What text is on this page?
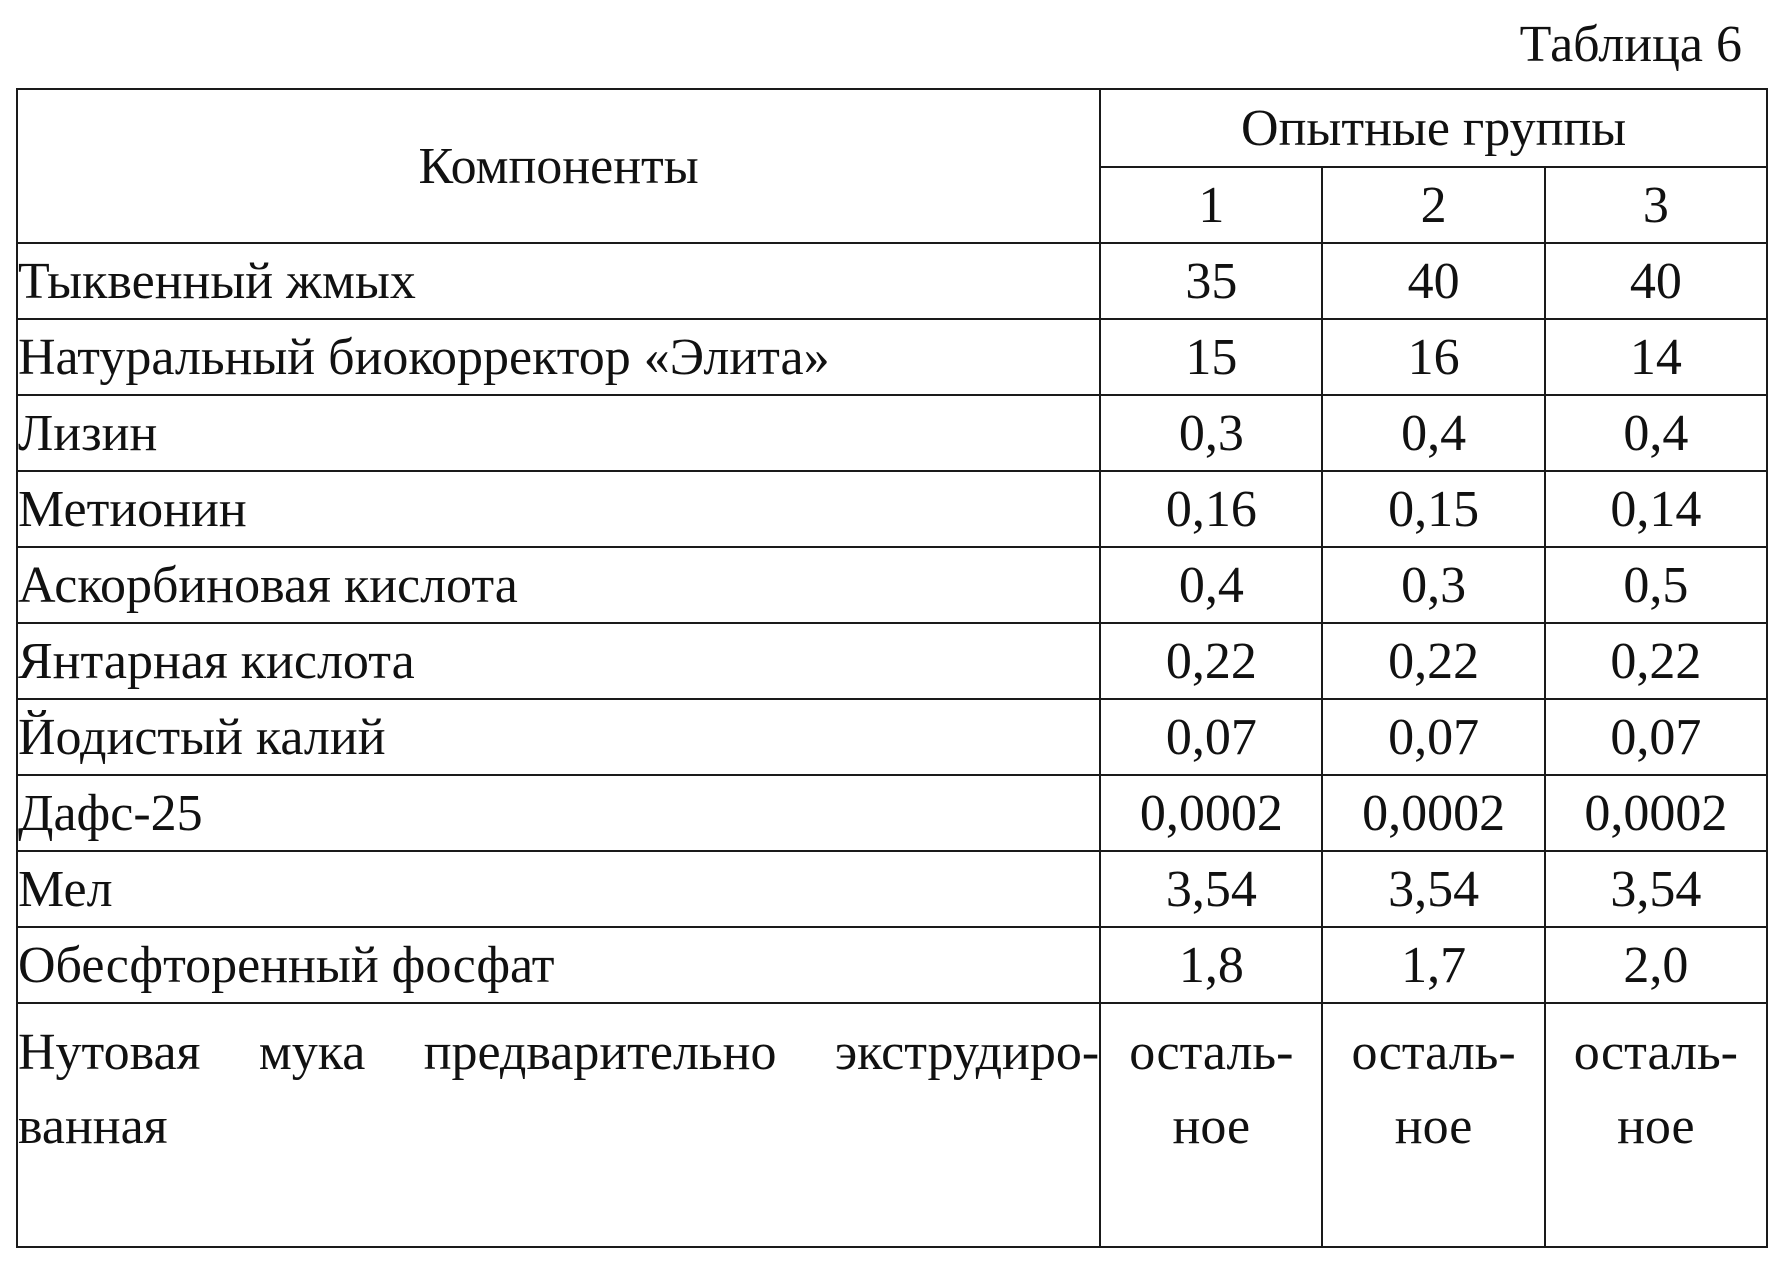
Таблица 6
Компоненты	Опытные группы		
	1	2	3
Тыквенный жмых	35	40	40
Натуральный биокорректор «Элита»	15	16	14
Лизин	0,3	0,4	0,4
Метионин	0,16	0,15	0,14
Аскорбиновая кислота	0,4	0,3	0,5
Янтарная кислота	0,22	0,22	0,22
Йодистый калий	0,07	0,07	0,07
Дафс-25	0,0002	0,0002	0,0002
Мел	3,54	3,54	3,54
Обесфторенный фосфат	1,8	1,7	2,0
Нутовая мука предварительно экструдиро-ванная	осталь-ное	осталь-ное	осталь-ное
